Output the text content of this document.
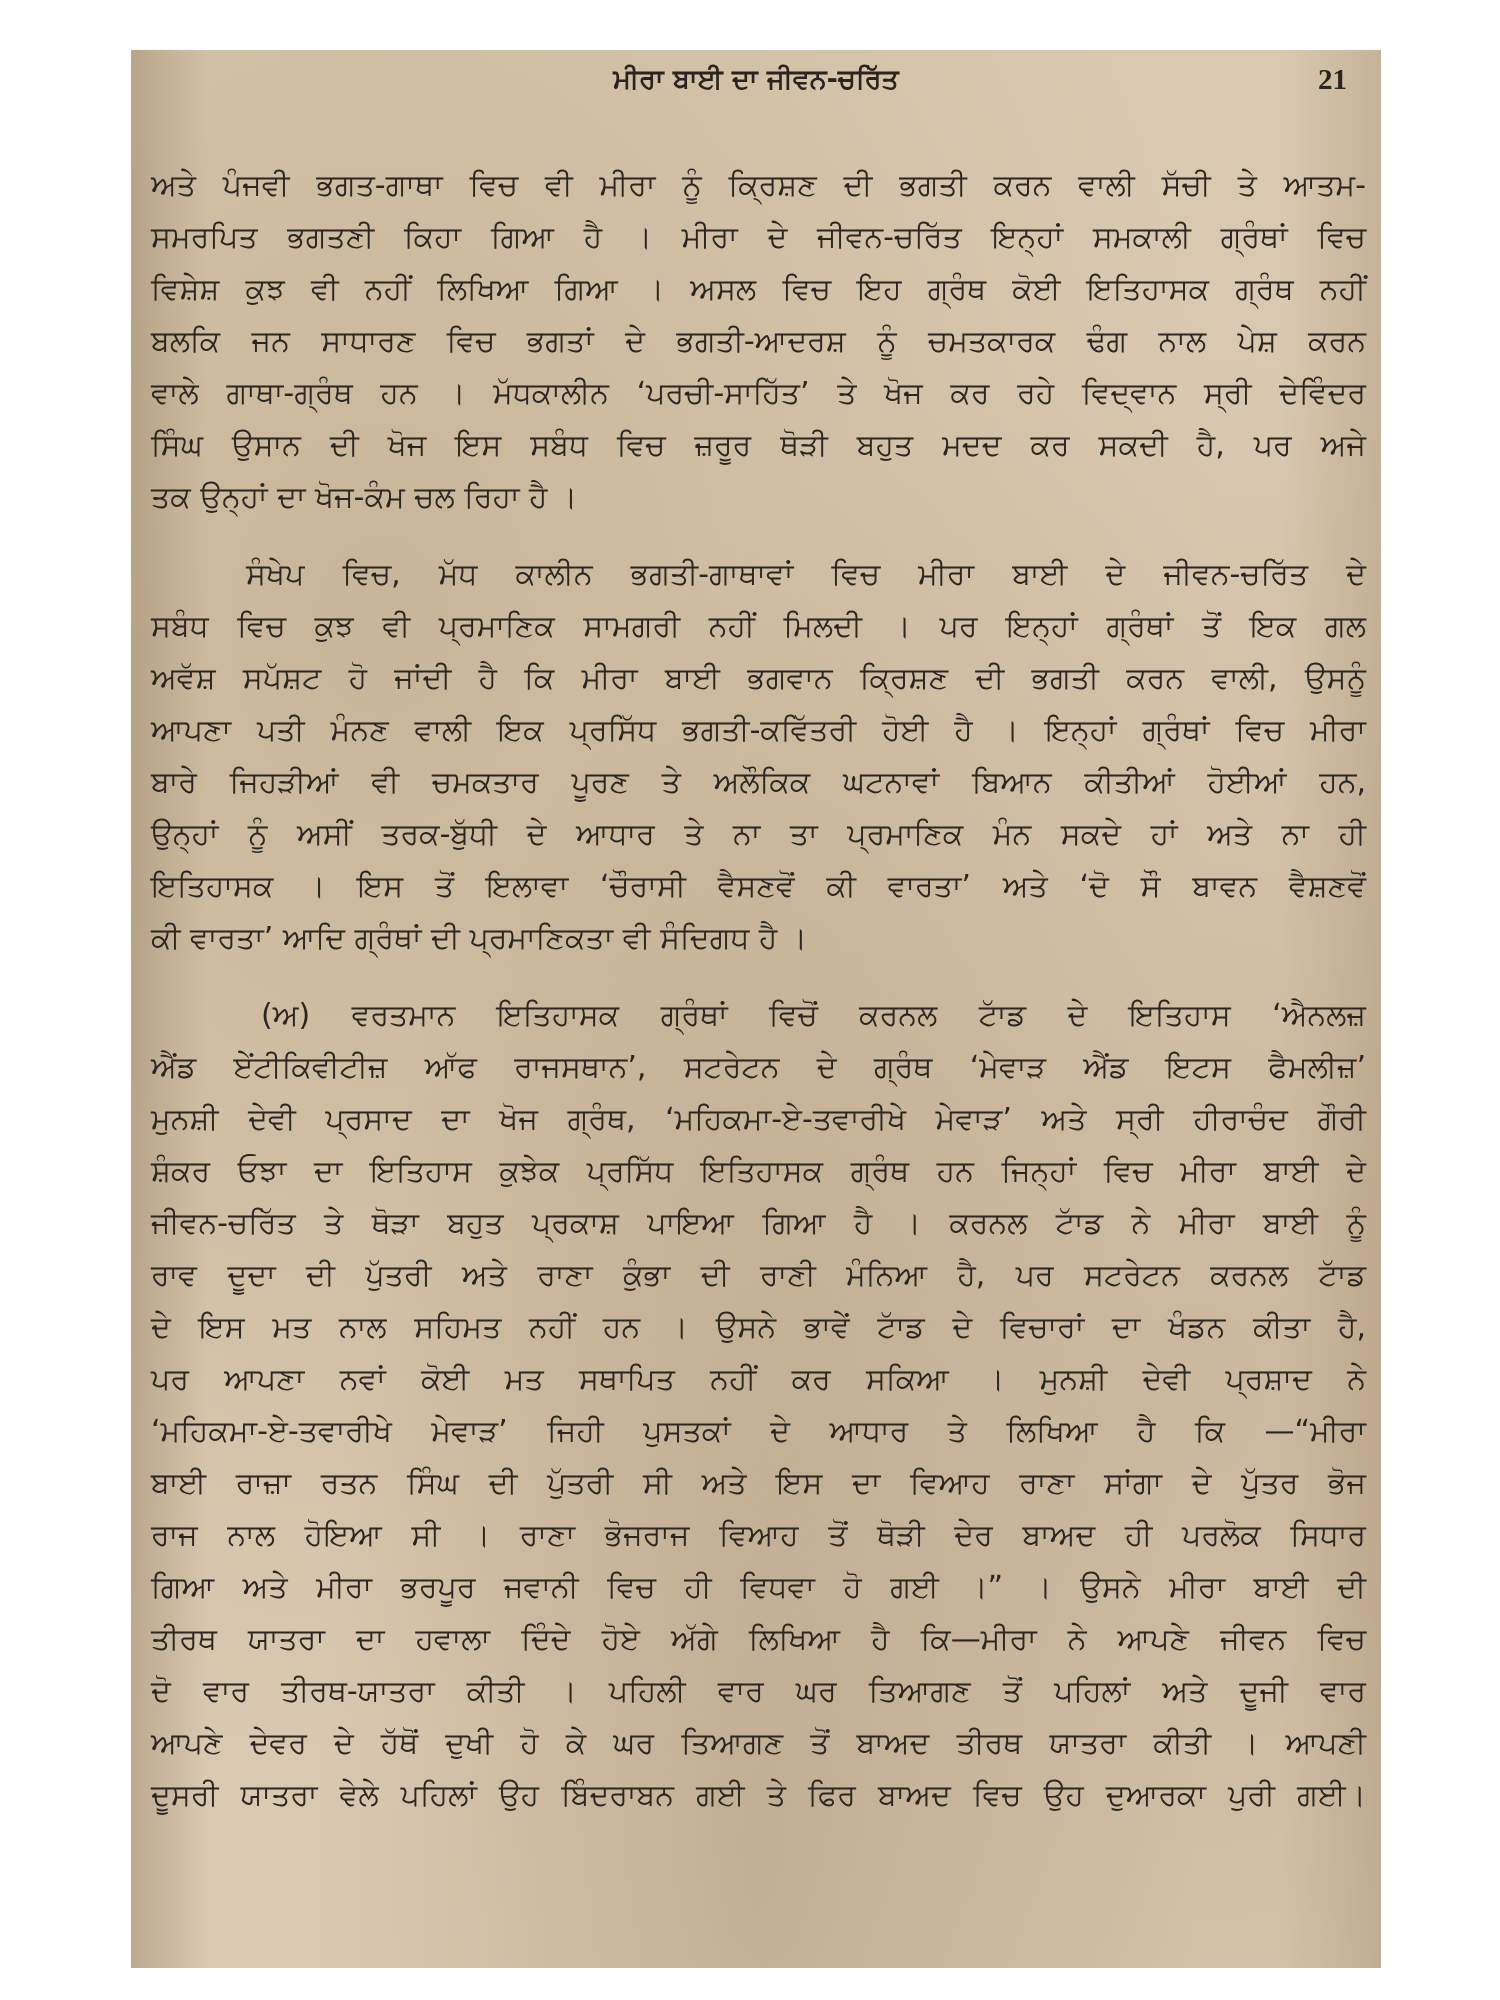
ਮੀਰਾ ਬਾਈ ਦਾ ਜੀਵਨ-ਚਰਿੱਤ	21
ਅਤੇ ਪੰਜਵੀ ਭਗਤ-ਗਾਥਾ ਵਿਚ ਵੀ ਮੀਰਾ ਨੂੰ ਕ੍ਰਿਸ਼ਣ ਦੀ ਭਗਤੀ ਕਰਨ ਵਾਲੀ ਸੱਚੀ ਤੇ ਆਤਮ-
ਸਮਰਪਿਤ ਭਗਤਣੀ ਕਿਹਾ ਗਿਆ ਹੈ । ਮੀਰਾ ਦੇ ਜੀਵਨ-ਚਰਿੱਤ ਇਨ੍ਹਾਂ ਸਮਕਾਲੀ ਗ੍ਰੰਥਾਂ ਵਿਚ
ਵਿਸ਼ੇਸ਼ ਕੁਝ ਵੀ ਨਹੀਂ ਲਿਖਿਆ ਗਿਆ । ਅਸਲ ਵਿਚ ਇਹ ਗ੍ਰੰਥ ਕੋਈ ਇਤਿਹਾਸਕ ਗ੍ਰੰਥ ਨਹੀਂ
ਬਲਕਿ ਜਨ ਸਾਧਾਰਣ ਵਿਚ ਭਗਤਾਂ ਦੇ ਭਗਤੀ-ਆਦਰਸ਼ ਨੂੰ ਚਮਤਕਾਰਕ ਢੰਗ ਨਾਲ ਪੇਸ਼ ਕਰਨ
ਵਾਲੇ ਗਾਥਾ-ਗ੍ਰੰਥ ਹਨ । ਮੱਧਕਾਲੀਨ ‘ਪਰਚੀ-ਸਾਹਿੱਤ’ ਤੇ ਖੋਜ ਕਰ ਰਹੇ ਵਿਦ੍ਵਾਨ ਸ੍ਰੀ ਦੇਵਿੰਦਰ
ਸਿੰਘ ਉਸਾਨ ਦੀ ਖੋਜ ਇਸ ਸਬੰਧ ਵਿਚ ਜ਼ਰੂਰ ਥੋੜੀ ਬਹੁਤ ਮਦਦ ਕਰ ਸਕਦੀ ਹੈ, ਪਰ ਅਜੇ
ਤਕ ਉਨ੍ਹਾਂ ਦਾ ਖੋਜ-ਕੰਮ ਚਲ ਰਿਹਾ ਹੈ ।
ਸੰਖੇਪ ਵਿਚ, ਮੱਧ ਕਾਲੀਨ ਭਗਤੀ-ਗਾਥਾਵਾਂ ਵਿਚ ਮੀਰਾ ਬਾਈ ਦੇ ਜੀਵਨ-ਚਰਿੱਤ ਦੇ
ਸਬੰਧ ਵਿਚ ਕੁਝ ਵੀ ਪ੍ਰਮਾਣਿਕ ਸਾਮਗਰੀ ਨਹੀਂ ਮਿਲਦੀ । ਪਰ ਇਨ੍ਹਾਂ ਗ੍ਰੰਥਾਂ ਤੋਂ ਇਕ ਗਲ
ਅਵੱਸ਼ ਸਪੱਸ਼ਟ ਹੋ ਜਾਂਦੀ ਹੈ ਕਿ ਮੀਰਾ ਬਾਈ ਭਗਵਾਨ ਕ੍ਰਿਸ਼ਣ ਦੀ ਭਗਤੀ ਕਰਨ ਵਾਲੀ, ਉਸਨੂੰ
ਆਪਣਾ ਪਤੀ ਮੰਨਣ ਵਾਲੀ ਇਕ ਪ੍ਰਸਿੱਧ ਭਗਤੀ-ਕਵਿੱਤਰੀ ਹੋਈ ਹੈ । ਇਨ੍ਹਾਂ ਗ੍ਰੰਥਾਂ ਵਿਚ ਮੀਰਾ
ਬਾਰੇ ਜਿਹੜੀਆਂ ਵੀ ਚਮਕਤਾਰ ਪੂਰਣ ਤੇ ਅਲੌਕਿਕ ਘਟਨਾਵਾਂ ਬਿਆਨ ਕੀਤੀਆਂ ਹੋਈਆਂ ਹਨ,
ਉਨ੍ਹਾਂ ਨੂੰ ਅਸੀਂ ਤਰਕ-ਬੁੱਧੀ ਦੇ ਆਧਾਰ ਤੇ ਨਾ ਤਾ ਪ੍ਰਮਾਣਿਕ ਮੰਨ ਸਕਦੇ ਹਾਂ ਅਤੇ ਨਾ ਹੀ
ਇਤਿਹਾਸਕ । ਇਸ ਤੋਂ ਇਲਾਵਾ ‘ਚੌਰਾਸੀ ਵੈਸਣਵੋਂ ਕੀ ਵਾਰਤਾ’ ਅਤੇ ‘ਦੋ ਸੌ ਬਾਵਨ ਵੈਸ਼ਣਵੋਂ
ਕੀ ਵਾਰਤਾ’ ਆਦਿ ਗ੍ਰੰਥਾਂ ਦੀ ਪ੍ਰਮਾਣਿਕਤਾ ਵੀ ਸੰਦਿਗਧ ਹੈ ।
(ਅ) ਵਰਤਮਾਨ ਇਤਿਹਾਸਕ ਗ੍ਰੰਥਾਂ ਵਿਚੋਂ ਕਰਨਲ ਟਾੱਡ ਦੇ ਇਤਿਹਾਸ ‘ਐਨਲਜ਼
ਐਂਡ ਏਂਟੀਕਿਵੀਟੀਜ਼ ਆੱਫ ਰਾਜਸਥਾਨ’, ਸਟਰੇਟਨ ਦੇ ਗ੍ਰੰਥ ‘ਮੇਵਾੜ ਐਂਡ ਇਟਸ ਫੈਮਲੀਜ਼’
ਮੁਨਸ਼ੀ ਦੇਵੀ ਪ੍ਰਸਾਦ ਦਾ ਖੋਜ ਗ੍ਰੰਥ, ‘ਮਹਿਕਮਾ-ਏ-ਤਵਾਰੀਖੇ ਮੇਵਾੜ’ ਅਤੇ ਸ੍ਰੀ ਹੀਰਾਚੰਦ ਗੌਰੀ
ਸ਼ੰਕਰ ਓਝਾ ਦਾ ਇਤਿਹਾਸ ਕੁਝੇਕ ਪ੍ਰਸਿੱਧ ਇਤਿਹਾਸਕ ਗ੍ਰੰਥ ਹਨ ਜਿਨ੍ਹਾਂ ਵਿਚ ਮੀਰਾ ਬਾਈ ਦੇ
ਜੀਵਨ-ਚਰਿੱਤ ਤੇ ਥੋੜਾ ਬਹੁਤ ਪ੍ਰਕਾਸ਼ ਪਾਇਆ ਗਿਆ ਹੈ । ਕਰਨਲ ਟਾੱਡ ਨੇ ਮੀਰਾ ਬਾਈ ਨੂੰ
ਰਾਵ ਦੂਦਾ ਦੀ ਪੁੱਤਰੀ ਅਤੇ ਰਾਣਾ ਕੁੰਭਾ ਦੀ ਰਾਣੀ ਮੰਨਿਆ ਹੈ, ਪਰ ਸਟਰੇਟਨ ਕਰਨਲ ਟਾੱਡ
ਦੇ ਇਸ ਮਤ ਨਾਲ ਸਹਿਮਤ ਨਹੀਂ ਹਨ । ਉਸਨੇ ਭਾਵੇਂ ਟਾੱਡ ਦੇ ਵਿਚਾਰਾਂ ਦਾ ਖੰਡਨ ਕੀਤਾ ਹੈ,
ਪਰ ਆਪਣਾ ਨਵਾਂ ਕੋਈ ਮਤ ਸਥਾਪਿਤ ਨਹੀਂ ਕਰ ਸਕਿਆ । ਮੁਨਸ਼ੀ ਦੇਵੀ ਪ੍ਰਸ਼ਾਦ ਨੇ
‘ਮਹਿਕਮਾ-ਏ-ਤਵਾਰੀਖੇ ਮੇਵਾੜ’ ਜਿਹੀ ਪੁਸਤਕਾਂ ਦੇ ਆਧਾਰ ਤੇ ਲਿਖਿਆ ਹੈ ਕਿ —“ਮੀਰਾ
ਬਾਈ ਰਾਜ਼ਾ ਰਤਨ ਸਿੰਘ ਦੀ ਪੁੱਤਰੀ ਸੀ ਅਤੇ ਇਸ ਦਾ ਵਿਆਹ ਰਾਣਾ ਸਾਂਗਾ ਦੇ ਪੁੱਤਰ ਭੋਜ
ਰਾਜ ਨਾਲ ਹੋਇਆ ਸੀ । ਰਾਣਾ ਭੋਜਰਾਜ ਵਿਆਹ ਤੋਂ ਥੋੜੀ ਦੇਰ ਬਾਅਦ ਹੀ ਪਰਲੋਕ ਸਿਧਾਰ
ਗਿਆ ਅਤੇ ਮੀਰਾ ਭਰਪੂਰ ਜਵਾਨੀ ਵਿਚ ਹੀ ਵਿਧਵਾ ਹੋ ਗਈ ।” । ਉਸਨੇ ਮੀਰਾ ਬਾਈ ਦੀ
ਤੀਰਥ ਯਾਤਰਾ ਦਾ ਹਵਾਲਾ ਦਿੰਦੇ ਹੋਏ ਅੱਗੇ ਲਿਖਿਆ ਹੈ ਕਿ—ਮੀਰਾ ਨੇ ਆਪਣੇ ਜੀਵਨ ਵਿਚ
ਦੋ ਵਾਰ ਤੀਰਥ-ਯਾਤਰਾ ਕੀਤੀ । ਪਹਿਲੀ ਵਾਰ ਘਰ ਤਿਆਗਣ ਤੋਂ ਪਹਿਲਾਂ ਅਤੇ ਦੂਜੀ ਵਾਰ
ਆਪਣੇ ਦੇਵਰ ਦੇ ਹੱਥੋਂ ਦੁਖੀ ਹੋ ਕੇ ਘਰ ਤਿਆਗਣ ਤੋਂ ਬਾਅਦ ਤੀਰਥ ਯਾਤਰਾ ਕੀਤੀ । ਆਪਣੀ
ਦੂਸਰੀ ਯਾਤਰਾ ਵੇਲੇ ਪਹਿਲਾਂ ਉਹ ਬਿੰਦਰਾਬਨ ਗਈ ਤੇ ਫਿਰ ਬਾਅਦ ਵਿਚ ਉਹ ਦੁਆਰਕਾ ਪੁਰੀ ਗਈ।
